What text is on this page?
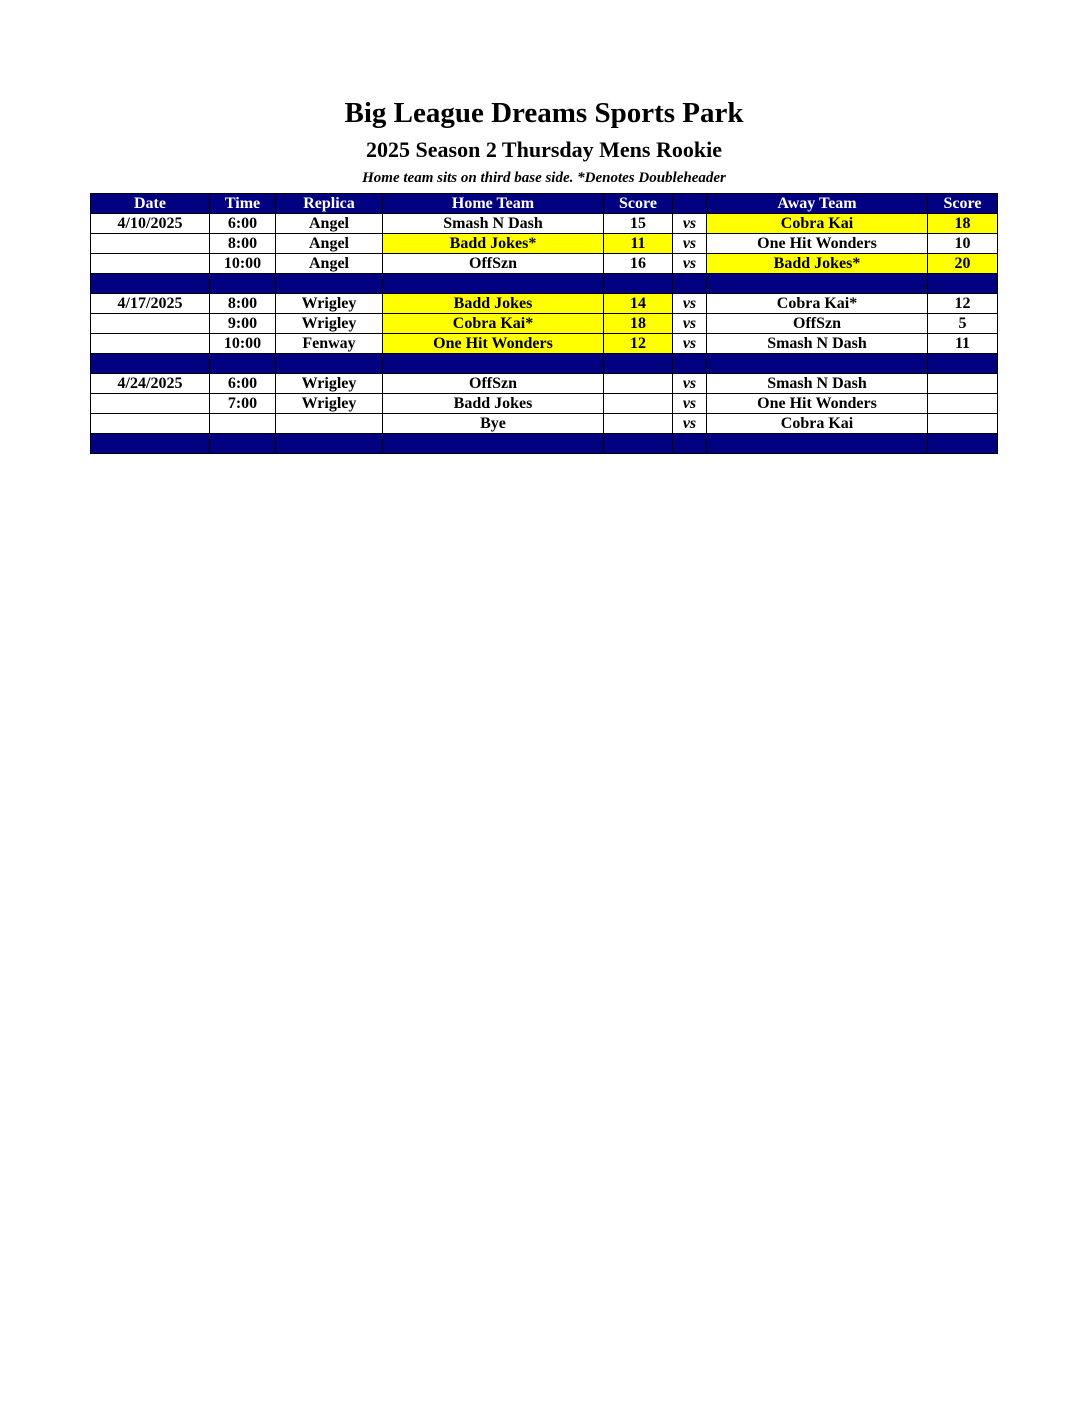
Big League Dreams Sports Park
2025 Season 2 Thursday Mens Rookie
Home team sits on third base side. *Denotes Doubleheader
Date	Time	Replica	Home Team	Score		Away Team	Score
4/10/2025	6:00	Angel	Smash N Dash	15	vs	Cobra Kai	18
	8:00	Angel	Badd Jokes*	11	vs	One Hit Wonders	10
	10:00	Angel	OffSzn	16	vs	Badd Jokes*	20

4/17/2025	8:00	Wrigley	Badd Jokes	14	vs	Cobra Kai*	12
	9:00	Wrigley	Cobra Kai*	18	vs	OffSzn	5
	10:00	Fenway	One Hit Wonders	12	vs	Smash N Dash	11

4/24/2025	6:00	Wrigley	OffSzn		vs	Smash N Dash	
	7:00	Wrigley	Badd Jokes		vs	One Hit Wonders	
			Bye		vs	Cobra Kai	
